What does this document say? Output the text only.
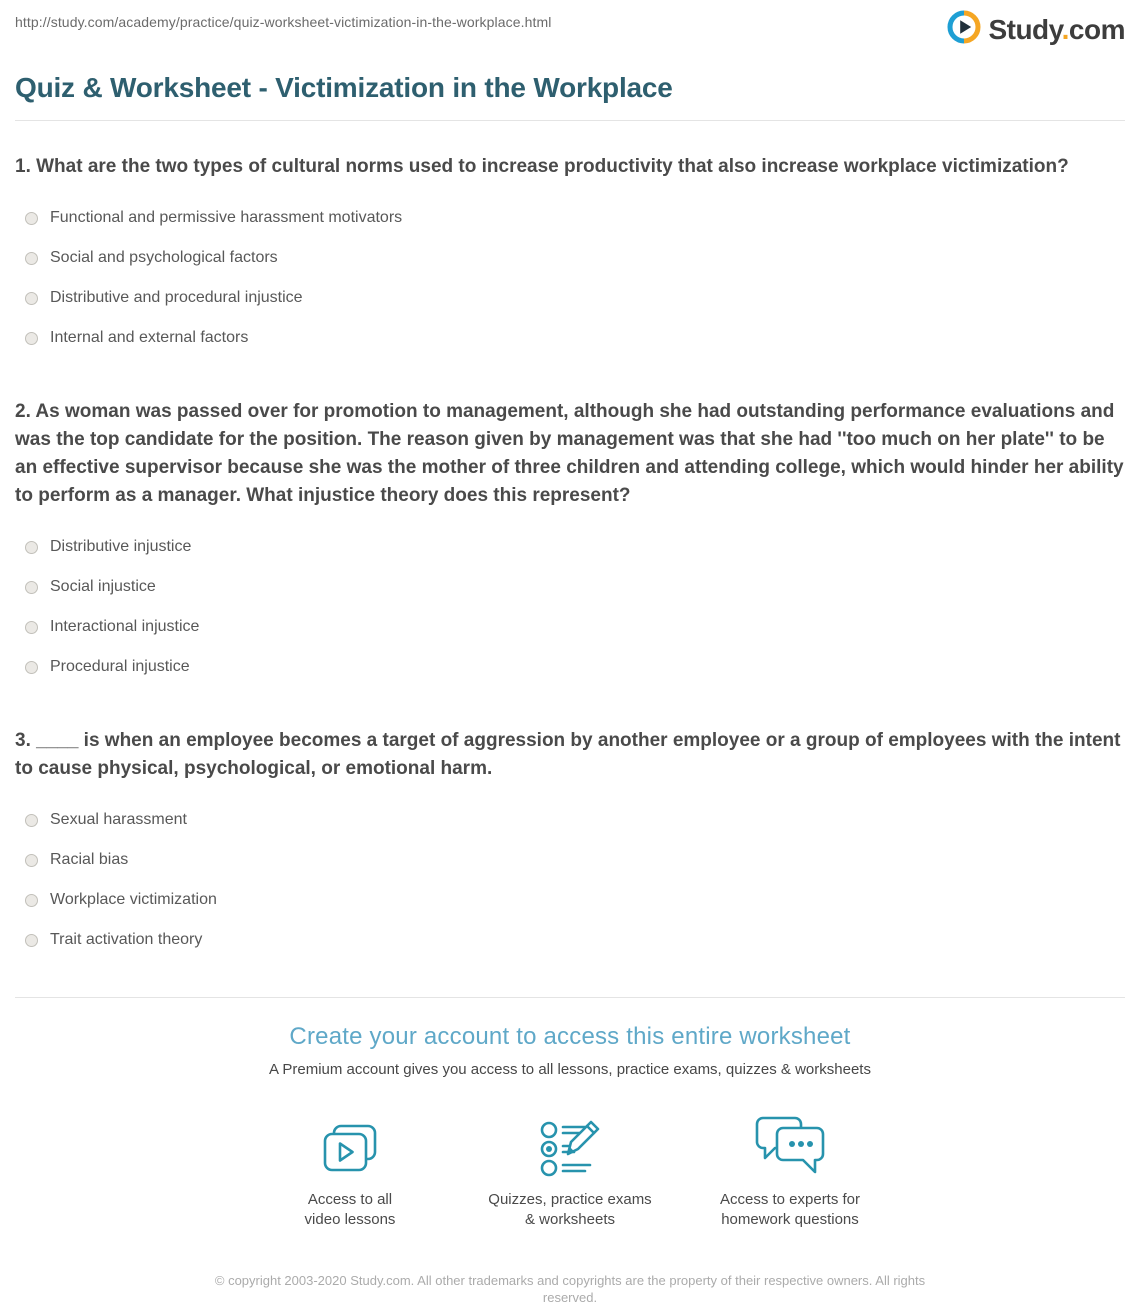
http://study.com/academy/practice/quiz-worksheet-victimization-in-the-workplace.html	Study.com
Quiz & Worksheet - Victimization in the Workplace

1. What are the two types of cultural norms used to increase productivity that also increase workplace victimization?

Functional and permissive harassment motivators
Social and psychological factors
Distributive and procedural injustice
Internal and external factors

2. As woman was passed over for promotion to management, although she had outstanding performance evaluations and was the top candidate for the position. The reason given by management was that she had ''too much on her plate'' to be an effective supervisor because she was the mother of three children and attending college, which would hinder her ability to perform as a manager. What injustice theory does this represent?

Distributive injustice
Social injustice
Interactional injustice
Procedural injustice

3. ____ is when an employee becomes a target of aggression by another employee or a group of employees with the intent to cause physical, psychological, or emotional harm.

Sexual harassment
Racial bias
Workplace victimization
Trait activation theory
Create your account to access this entire worksheet

A Premium account gives you access to all lessons, practice exams, quizzes & worksheets

Access to all
video lessons
Quizzes, practice exams
& worksheets
Access to experts for
homework questions

© copyright 2003-2020 Study.com. All other trademarks and copyrights are the property of their respective owners. All rights reserved.
